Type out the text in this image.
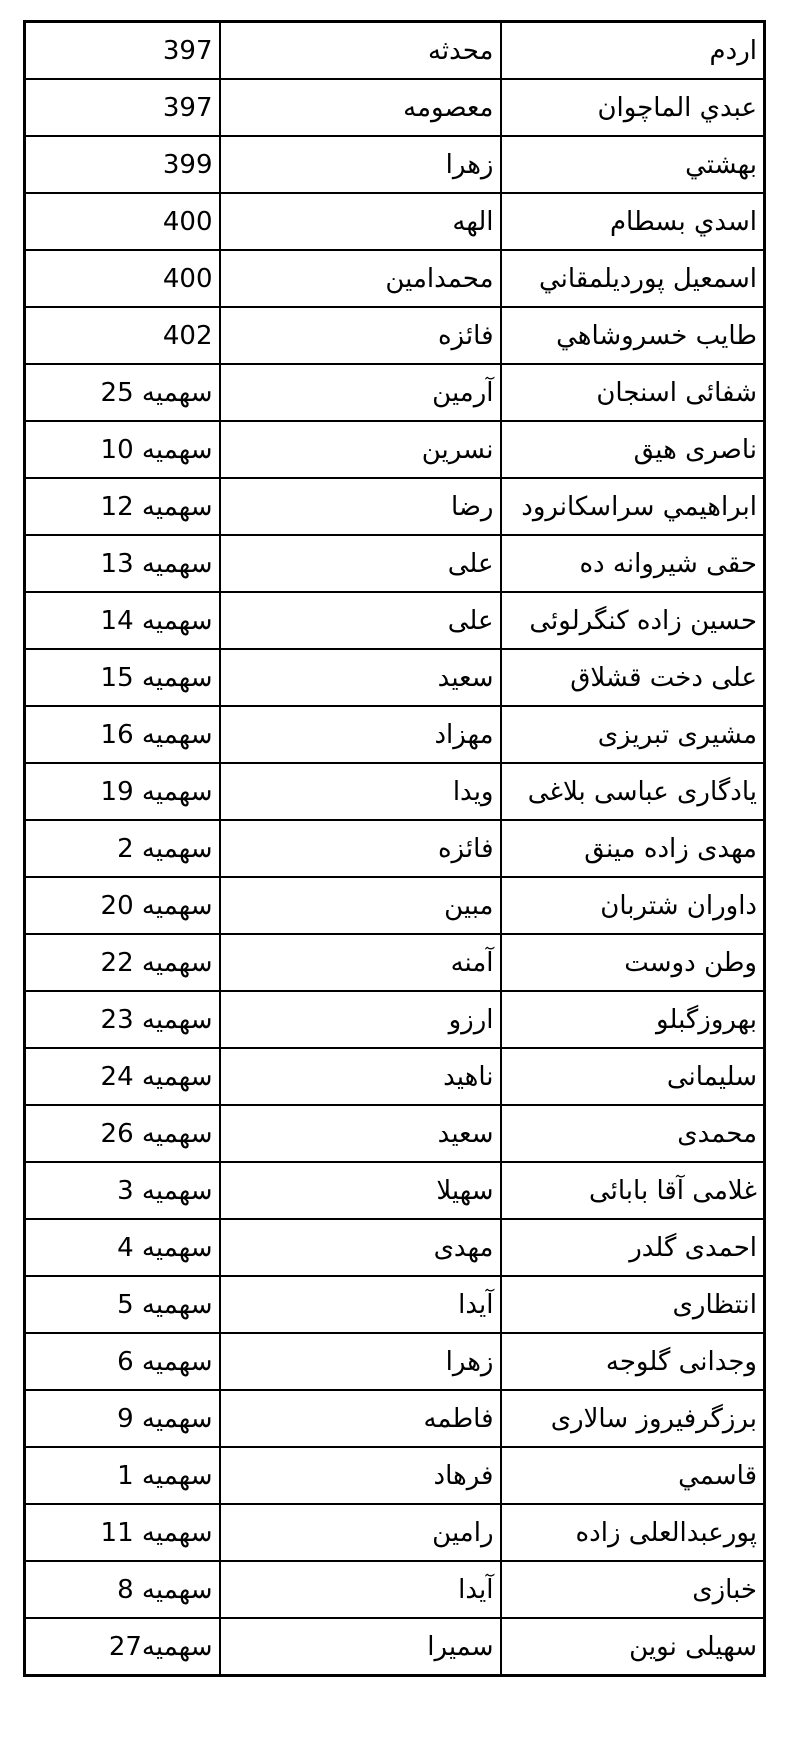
397	محدثه	اردم
397	معصومه	عبدي الماچوان
399	زهرا	بهشتي
400	الهه	اسدي بسطام
400	محمدامين	اسمعيل پورديلمقاني
402	فائزه	طايب خسروشاهي
سهمیه 25	آرمین	شفائی اسنجان
سهمیه 10	نسرین	ناصری هیق
سهمیه 12	رضا	ابراهيمي سراسكانرود
سهمیه 13	علی	حقی شیروانه ده
سهمیه 14	علی	حسین زاده کنگرلوئی
سهمیه 15	سعید	علی دخت قشلاق
سهمیه 16	مهزاد	مشیری تبریزی
سهمیه 19	ویدا	یادگاری عباسی بلاغی
سهمیه 2	فائزه	مهدی زاده مینق
سهمیه 20	مبین	داوران شتربان
سهمیه 22	آمنه	وطن دوست
سهمیه 23	ارزو	بهروزگبلو
سهمیه 24	ناهید	سلیمانی
سهمیه 26	سعید	محمدی
سهمیه 3	سهیلا	غلامی آقا بابائی
سهمیه 4	مهدی	احمدی گلدر
سهمیه 5	آیدا	انتظاری
سهمیه 6	زهرا	وجدانی گلوجه
سهمیه 9	فاطمه	برزگرفیروز سالاری
سهمیه 1	فرهاد	قاسمي
سهمیه 11	رامين	پورعبدالعلی زاده
سهمیه 8	آیدا	خبازی
سهمیه27	سمیرا	سهیلی نوین
